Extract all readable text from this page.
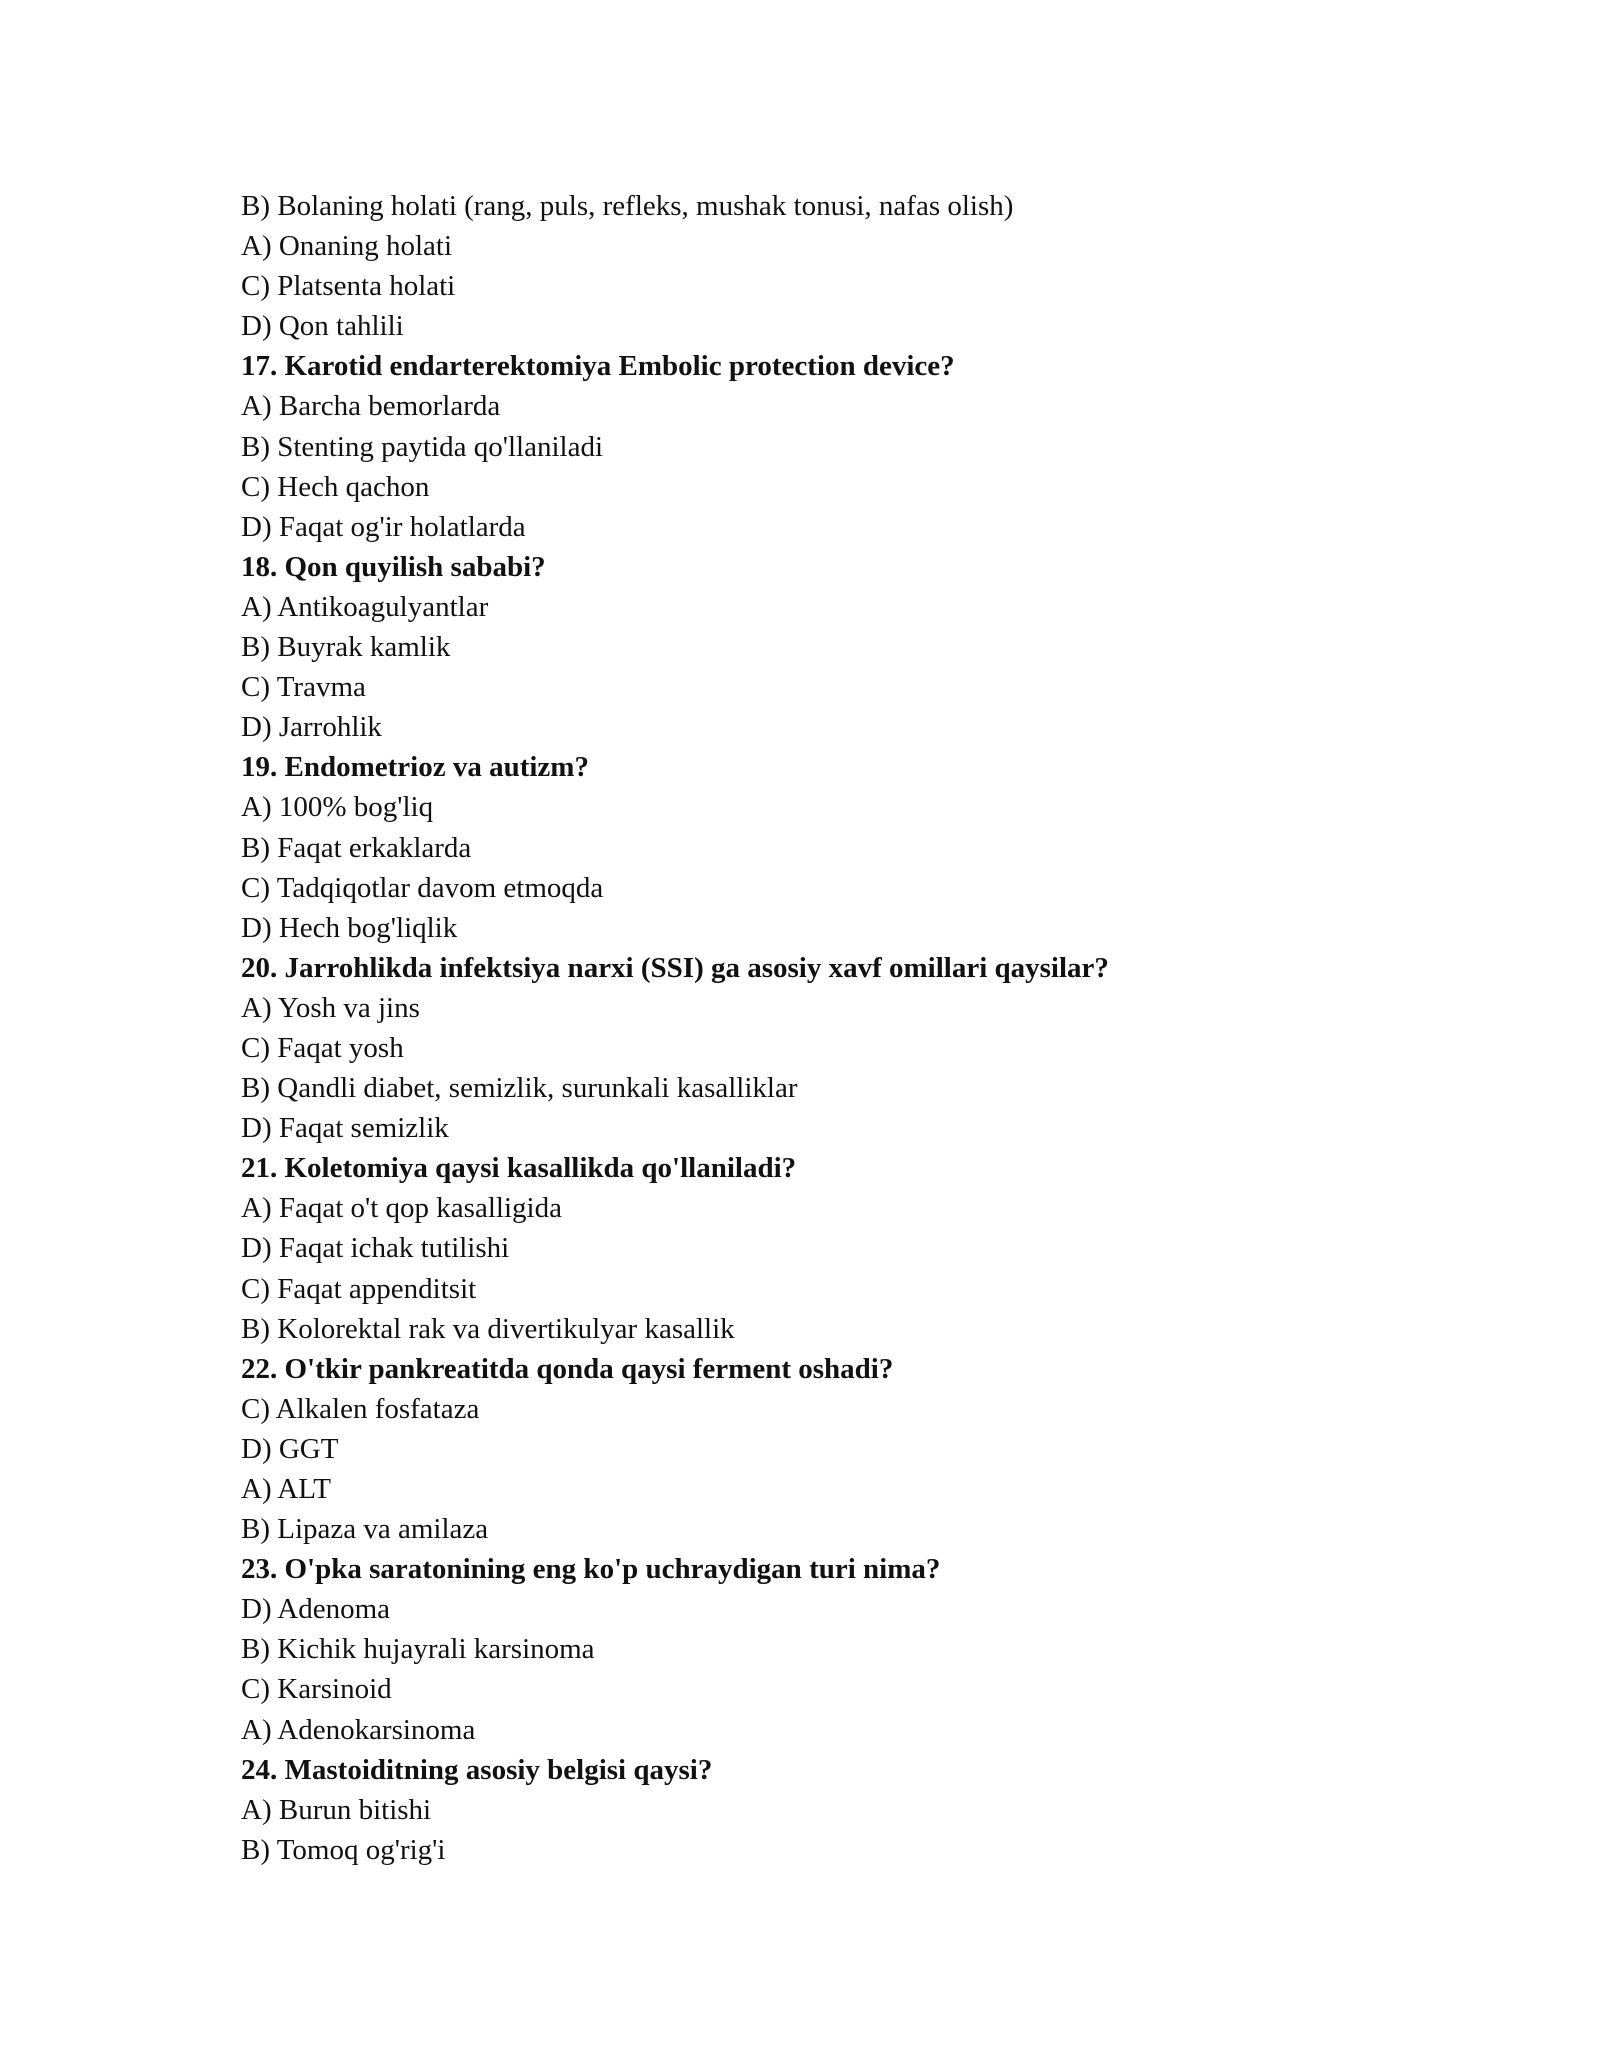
B) Bolaning holati (rang, puls, refleks, mushak tonusi, nafas olish)
A) Onaning holati
C) Platsenta holati
D) Qon tahlili
17. Karotid endarterektomiya Embolic protection device?
A) Barcha bemorlarda
B) Stenting paytida qo'llaniladi
C) Hech qachon
D) Faqat og'ir holatlarda
18. Qon quyilish sababi?
A) Antikoagulyantlar
B) Buyrak kamlik
C) Travma
D) Jarrohlik
19. Endometrioz va autizm?
A) 100% bog'liq
B) Faqat erkaklarda
C) Tadqiqotlar davom etmoqda
D) Hech bog'liqlik
20. Jarrohlikda infektsiya narxi (SSI) ga asosiy xavf omillari qaysilar?
A) Yosh va jins
C) Faqat yosh
B) Qandli diabet, semizlik, surunkali kasalliklar
D) Faqat semizlik
21. Koletomiya qaysi kasallikda qo'llaniladi?
A) Faqat o't qop kasalligida
D) Faqat ichak tutilishi
C) Faqat appenditsit
B) Kolorektal rak va divertikulyar kasallik
22. O'tkir pankreatitda qonda qaysi ferment oshadi?
C) Alkalen fosfataza
D) GGT
A) ALT
B) Lipaza va amilaza
23. O'pka saratonining eng ko'p uchraydigan turi nima?
D) Adenoma
B) Kichik hujayrali karsinoma
C) Karsinoid
A) Adenokarsinoma
24. Mastoiditning asosiy belgisi qaysi?
A) Burun bitishi
B) Tomoq og'rig'i
